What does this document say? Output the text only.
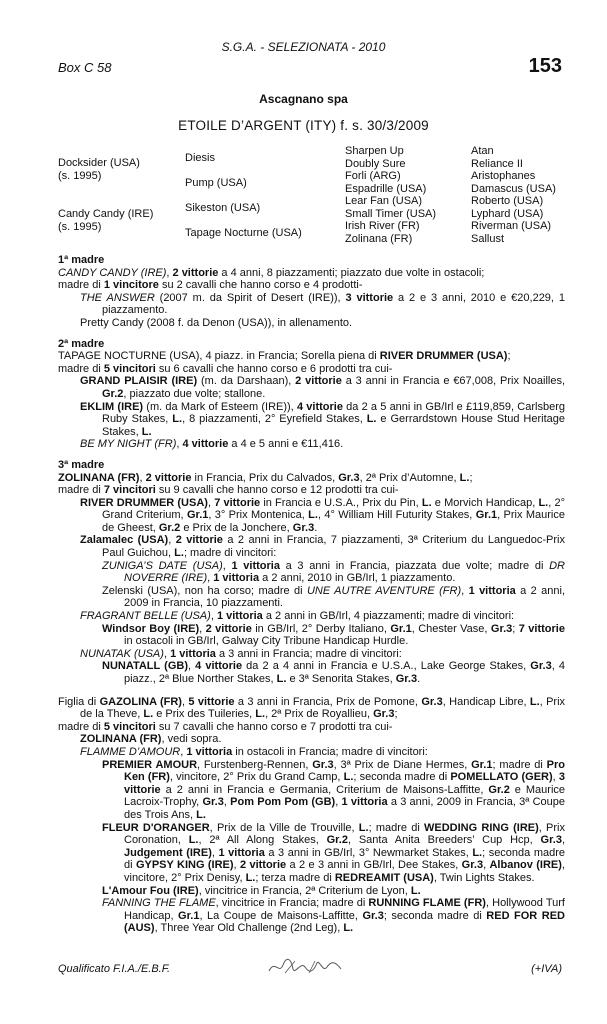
S.G.A. - SELEZIONATA - 2010
Box C 58	153
Ascagnano spa
ETOILE D’ARGENT (ITY) f. s. 30/3/2009
Docksider (USA)
(s. 1995)
Candy Candy (IRE)
(s. 1995)
Diesis
Pump (USA)
Sikeston (USA)
Tapage Nocturne (USA)
Sharpen Up
Doubly Sure
Forli (ARG)
Espadrille (USA)
Lear Fan (USA)
Small Timer (USA)
Irish River (FR)
Zolinana (FR)
Atan
Reliance II
Aristophanes
Damascus (USA)
Roberto (USA)
Lyphard (USA)
Riverman (USA)
Sallust

1ª madre

CANDY CANDY (IRE), 2 vittorie a 4 anni, 8 piazzamenti; piazzato due volte in ostacoli;

madre di 1 vincitore su 2 cavalli che hanno corso e 4 prodotti-

THE ANSWER (2007 m. da Spirit of Desert (IRE)), 3 vittorie a 2 e 3 anni, 2010 e €20,229, 1 piazzamento.

Pretty Candy (2008 f. da Denon (USA)), in allenamento.

2ª madre

TAPAGE NOCTURNE (USA), 4 piazz. in Francia; Sorella piena di RIVER DRUMMER (USA);

madre di 5 vincitori su 6 cavalli che hanno corso e 6 prodotti tra cui-

GRAND PLAISIR (IRE) (m. da Darshaan), 2 vittorie a 3 anni in Francia e €67,008, Prix Noailles, Gr.2, piazzato due volte; stallone.

EKLIM (IRE) (m. da Mark of Esteem (IRE)), 4 vittorie da 2 a 5 anni in GB/Irl e £119,859, Carlsberg Ruby Stakes, L., 8 piazzamenti, 2° Eyrefield Stakes, L. e Gerrardstown House Stud Heritage Stakes, L.

BE MY NIGHT (FR), 4 vittorie a 4 e 5 anni e €11,416.

3ª madre

ZOLINANA (FR), 2 vittorie in Francia, Prix du Calvados, Gr.3, 2ª Prix d’Automne, L.;

madre di 7 vincitori su 9 cavalli che hanno corso e 12 prodotti tra cui-

RIVER DRUMMER (USA), 7 vittorie in Francia e U.S.A., Prix du Pin, L. e Morvich Handicap, L., 2° Grand Criterium, Gr.1, 3° Prix Montenica, L., 4° William Hill Futurity Stakes, Gr.1, Prix Maurice de Gheest, Gr.2 e Prix de la Jonchere, Gr.3.

Zalamalec (USA), 2 vittorie a 2 anni in Francia, 7 piazzamenti, 3ª Criterium du Languedoc-Prix Paul Guichou, L.; madre di vincitori:

ZUNIGA’S DATE (USA), 1 vittoria a 3 anni in Francia, piazzata due volte; madre di DR NOVERRE (IRE), 1 vittoria a 2 anni, 2010 in GB/Irl, 1 piazzamento.

Zelenski (USA), non ha corso; madre di UNE AUTRE AVENTURE (FR), 1 vittoria a 2 anni, 2009 in Francia, 10 piazzamenti.

FRAGRANT BELLE (USA), 1 vittoria a 2 anni in GB/Irl, 4 piazzamenti; madre di vincitori:

Windsor Boy (IRE), 2 vittorie in GB/Irl, 2° Derby Italiano, Gr.1, Chester Vase, Gr.3; 7 vittorie in ostacoli in GB/Irl, Galway City Tribune Handicap Hurdle.

NUNATAK (USA), 1 vittoria a 3 anni in Francia; madre di vincitori:

NUNATALL (GB), 4 vittorie da 2 a 4 anni in Francia e U.S.A., Lake George Stakes, Gr.3, 4 piazz., 2ª Blue Norther Stakes, L. e 3ª Senorita Stakes, Gr.3.

Figlia di GAZOLINA (FR), 5 vittorie a 3 anni in Francia, Prix de Pomone, Gr.3, Handicap Libre, L., Prix de la Theve, L. e Prix des Tuileries, L., 2ª Prix de Royallieu, Gr.3;

madre di 5 vincitori su 7 cavalli che hanno corso e 7 prodotti tra cui-

ZOLINANA (FR), vedi sopra.

FLAMME D’AMOUR, 1 vittoria in ostacoli in Francia; madre di vincitori:

PREMIER AMOUR, Furstenberg-Rennen, Gr.3, 3ª Prix de Diane Hermes, Gr.1; madre di Pro Ken (FR), vincitore, 2° Prix du Grand Camp, L.; seconda madre di POMELLATO (GER), 3 vittorie a 2 anni in Francia e Germania, Criterium de Maisons-Laffitte, Gr.2 e Maurice Lacroix-Trophy, Gr.3, Pom Pom Pom (GB), 1 vittoria a 3 anni, 2009 in Francia, 3ª Coupe des Trois Ans, L.

FLEUR D'ORANGER, Prix de la Ville de Trouville, L.; madre di WEDDING RING (IRE), Prix Coronation, L., 2ª All Along Stakes, Gr.2, Santa Anita Breeders’ Cup Hcp, Gr.3, Judgement (IRE), 1 vittoria a 3 anni in GB/Irl, 3° Newmarket Stakes, L.; seconda madre di GYPSY KING (IRE), 2 vittorie a 2 e 3 anni in GB/Irl, Dee Stakes, Gr.3, Albanov (IRE), vincitore, 2° Prix Denisy, L.; terza madre di REDREAMIT (USA), Twin Lights Stakes.

L'Amour Fou (IRE), vincitrice in Francia, 2ª Criterium de Lyon, L.

FANNING THE FLAME, vincitrice in Francia; madre di RUNNING FLAME (FR), Hollywood Turf Handicap, Gr.1, La Coupe de Maisons-Laffitte, Gr.3; seconda madre di RED FOR RED (AUS), Three Year Old Challenge (2nd Leg), L.

Qualificato F.I.A./E.B.F.	(+IVA)
